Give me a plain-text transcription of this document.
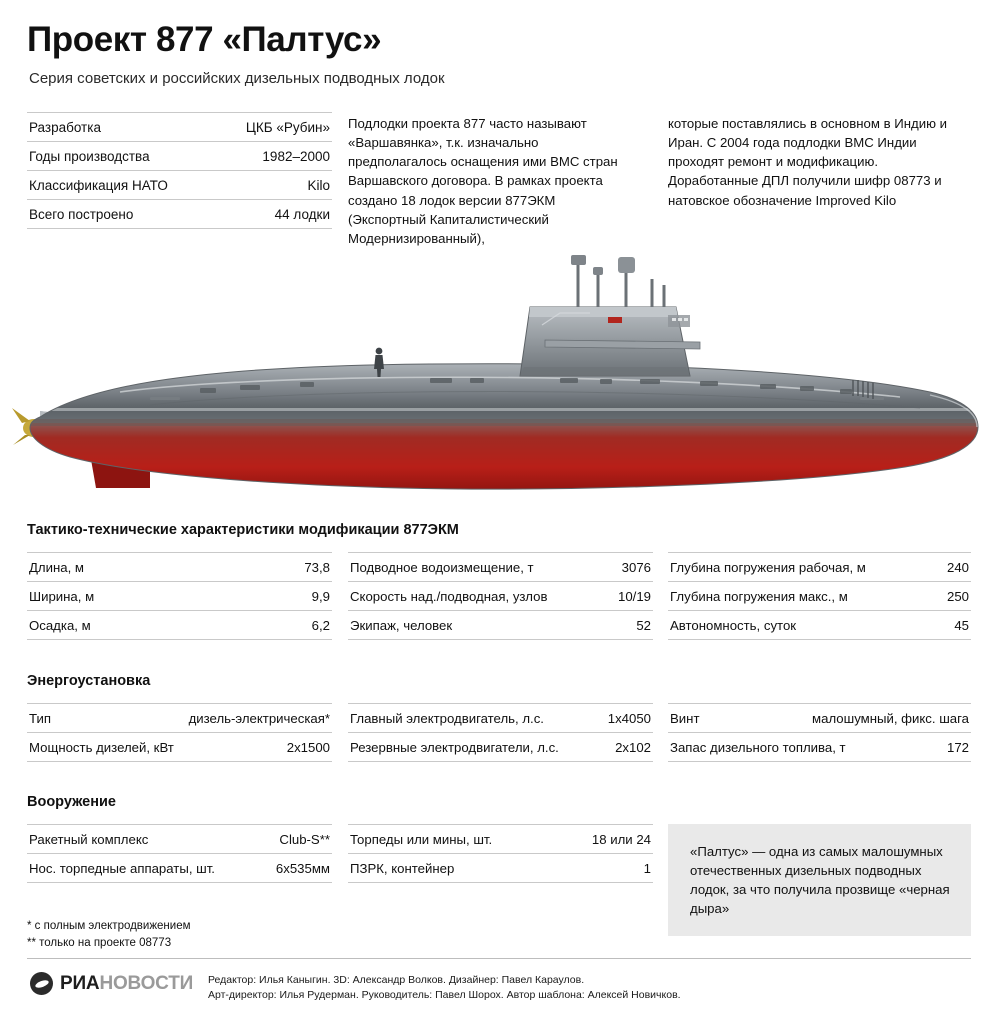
Проект 877 «Палтус»
Серия советских и российских дизельных подводных лодок
Разработка	ЦКБ «Рубин»
Годы производства	1982–2000
Классификация НАТО	Kilo
Всего построено	44 лодки
Подлодки проекта 877 часто называют «Варшавянка», т.к. изначально предполагалось оснащения ими ВМС стран Варшавского договора. В рамках проекта создано 18 лодок версии 877ЭКМ (Экспортный Капиталистический Модернизированный),
которые поставлялись в основном в Индию и Иран. С 2004 года подлодки ВМС Индии проходят ремонт и модификацию. Доработанные ДПЛ получили шифр 08773 и натовское обозначение Improved Kilo
Тактико-технические характеристики модификации 877ЭКМ
Длина, м	73,8
Ширина, м	9,9
Осадка, м	6,2
Подводное водоизмещение, т	3076
Скорость над./подводная, узлов	10/19
Экипаж, человек	52
Глубина погружения рабочая, м	240
Глубина погружения макс., м	250
Автономность, суток	45
Энергоустановка
Тип	дизель-электрическая*
Мощность дизелей, кВт	2х1500
Главный электродвигатель, л.с.	1х4050
Резервные электродвигатели, л.с.	2х102
Винт	малошумный, фикс. шага
Запас дизельного топлива, т	172
Вооружение
Ракетный комплекс	Club-S**
Нос. торпедные аппараты, шт.	6х535мм
Торпеды или мины, шт.	18 или 24
ПЗРК, контейнер	1
«Палтус» — одна из самых малошумных отечественных дизельных подводных лодок, за что получила прозвище «черная дыра»
* с полным электродвижением
** только на проекте 08773
РИАНОВОСТИ Редактор: Илья Каныгин. 3D: Александр Волков. Дизайнер: Павел Караулов.
Арт-директор: Илья Рудерман. Руководитель: Павел Шорох. Автор шаблона: Алексей Новичков.
